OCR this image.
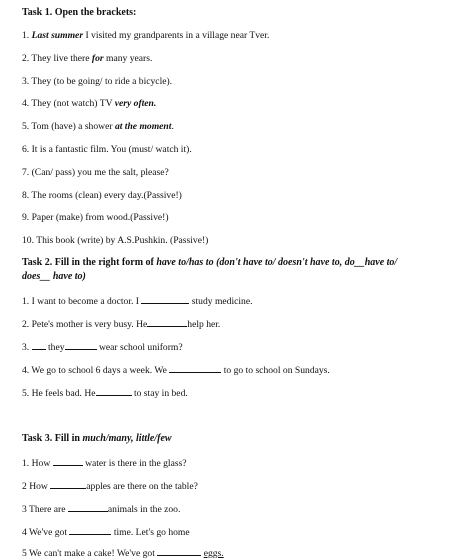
Task 1. Open the brackets:
1. Last summer I visited my grandparents in a village near Tver.
2. They live there for many years.
3. They (to be going/ to ride a bicycle).
4. They (not watch) TV very often.
5. Tom (have) a shower at the moment.
6. It is a fantastic film. You (must/ watch it).
7. (Can/ pass) you me the salt, please?
8. The rooms (clean) every day.(Passive!)
9. Paper (make) from wood.(Passive!)
10. This book (write) by A.S.Pushkin. (Passive!)
Task 2. Fill in the right form of have to/has to (don't have to/ doesn't have to, do__have to/
does__ have to)
1. I want to become a doctor. I	study medicine.
2. Pete's mother is very busy. He	help her.
3. they	wear school uniform?
4. We go to school 6 days a week. We	to go to school on Sundays.
5. He feels bad. He	to stay in bed.
Task 3. Fill in much/many, little/few
1. How	water is there in the glass?
2 How	apples are there on the table?
3 There are	animals in the zoo.
4 We've got	time. Let's go home
5 We can't make a cake! We've got	eggs.
